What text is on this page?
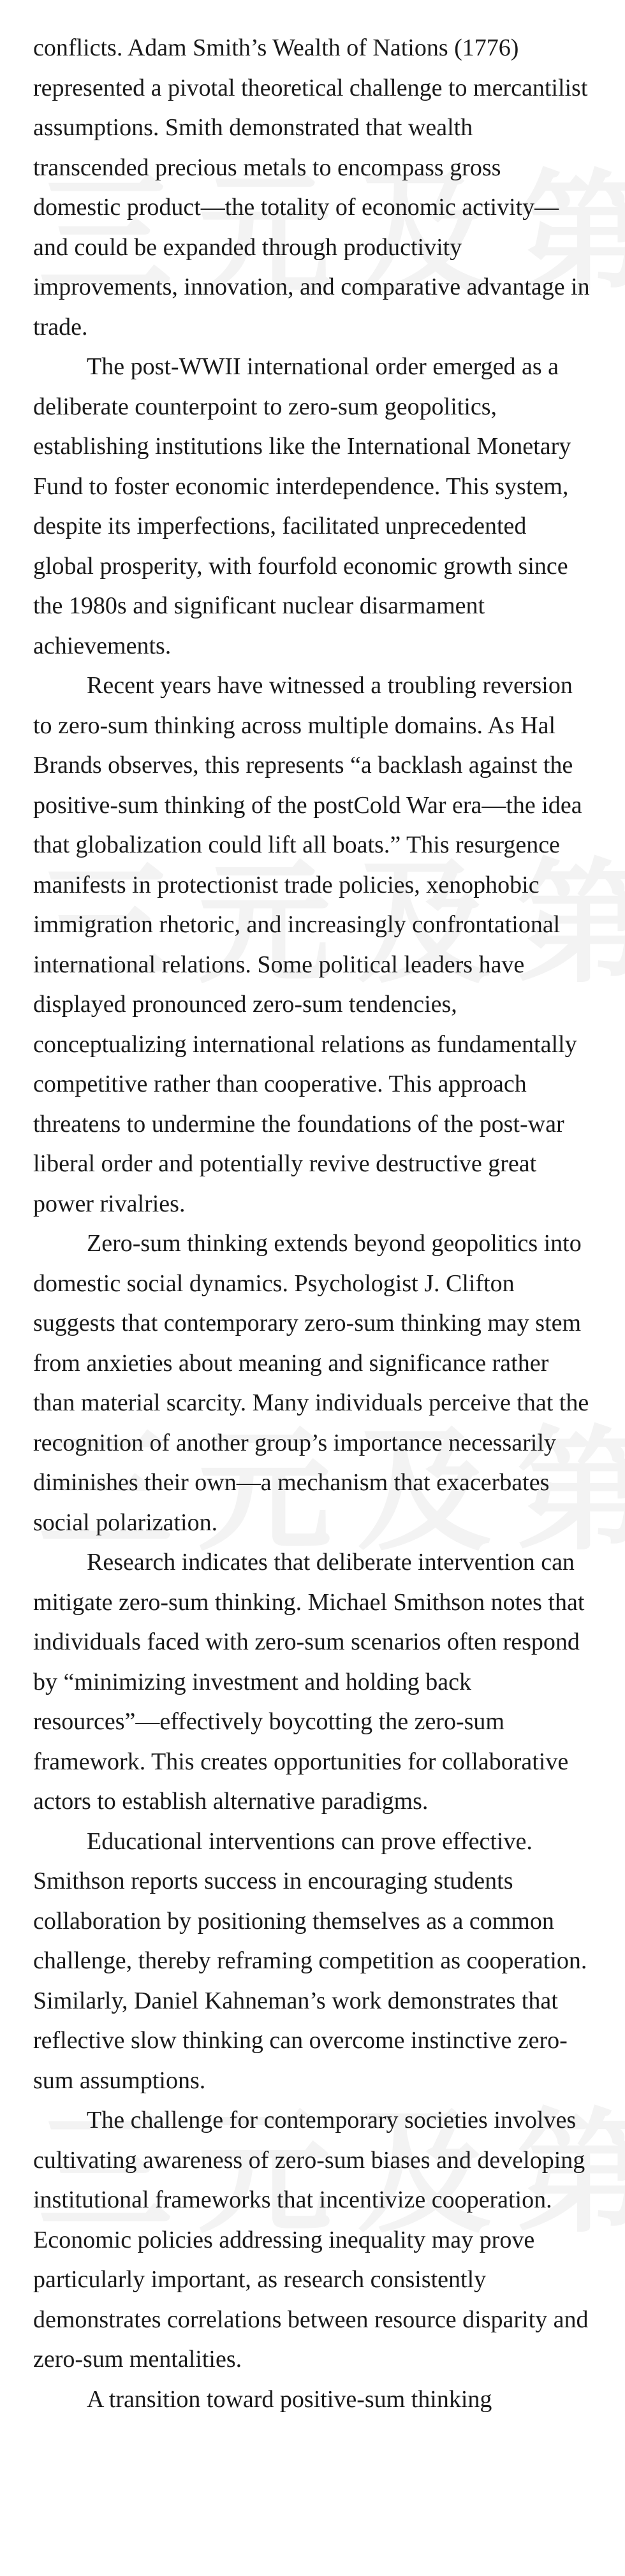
conflicts. Adam Smith’s Wealth of Nations (1776) represented a pivotal theoretical challenge to mercantilist assumptions. Smith demonstrated that wealth transcended precious metals to encompass gross domestic product—the totality of economic activity—and could be expanded through productivity improvements, innovation, and comparative advantage in trade.

The post-WWII international order emerged as a deliberate counterpoint to zero-sum geopolitics, establishing institutions like the International Monetary Fund to foster economic interdependence. This system, despite its imperfections, facilitated unprecedented global prosperity, with fourfold economic growth since the 1980s and significant nuclear disarmament achievements.

Recent years have witnessed a troubling reversion to zero-sum thinking across multiple domains. As Hal Brands observes, this represents “a backlash against the positive-sum thinking of the postCold War era—the idea that globalization could lift all boats.” This resurgence manifests in protectionist trade policies, xenophobic immigration rhetoric, and increasingly confrontational international relations. Some political leaders have displayed pronounced zero-sum tendencies, conceptualizing international relations as fundamentally competitive rather than cooperative. This approach threatens to undermine the foundations of the post-war liberal order and potentially revive destructive great power rivalries.

Zero-sum thinking extends beyond geopolitics into domestic social dynamics. Psychologist J. Clifton suggests that contemporary zero-sum thinking may stem from anxieties about meaning and significance rather than material scarcity. Many individuals perceive that the recognition of another group’s importance necessarily diminishes their own—a mechanism that exacerbates social polarization.

Research indicates that deliberate intervention can mitigate zero-sum thinking. Michael Smithson notes that individuals faced with zero-sum scenarios often respond by “minimizing investment and holding back resources”—effectively boycotting the zero-sum framework. This creates opportunities for collaborative actors to establish alternative paradigms.

Educational interventions can prove effective. Smithson reports success in encouraging students collaboration by positioning themselves as a common challenge, thereby reframing competition as cooperation. Similarly, Daniel Kahneman’s work demonstrates that reflective slow thinking can overcome instinctive zero-sum assumptions.

The challenge for contemporary societies involves cultivating awareness of zero-sum biases and developing institutional frameworks that incentivize cooperation. Economic policies addressing inequality may prove particularly important, as research consistently demonstrates correlations between resource disparity and zero-sum mentalities.

A transition toward positive-sum thinking
